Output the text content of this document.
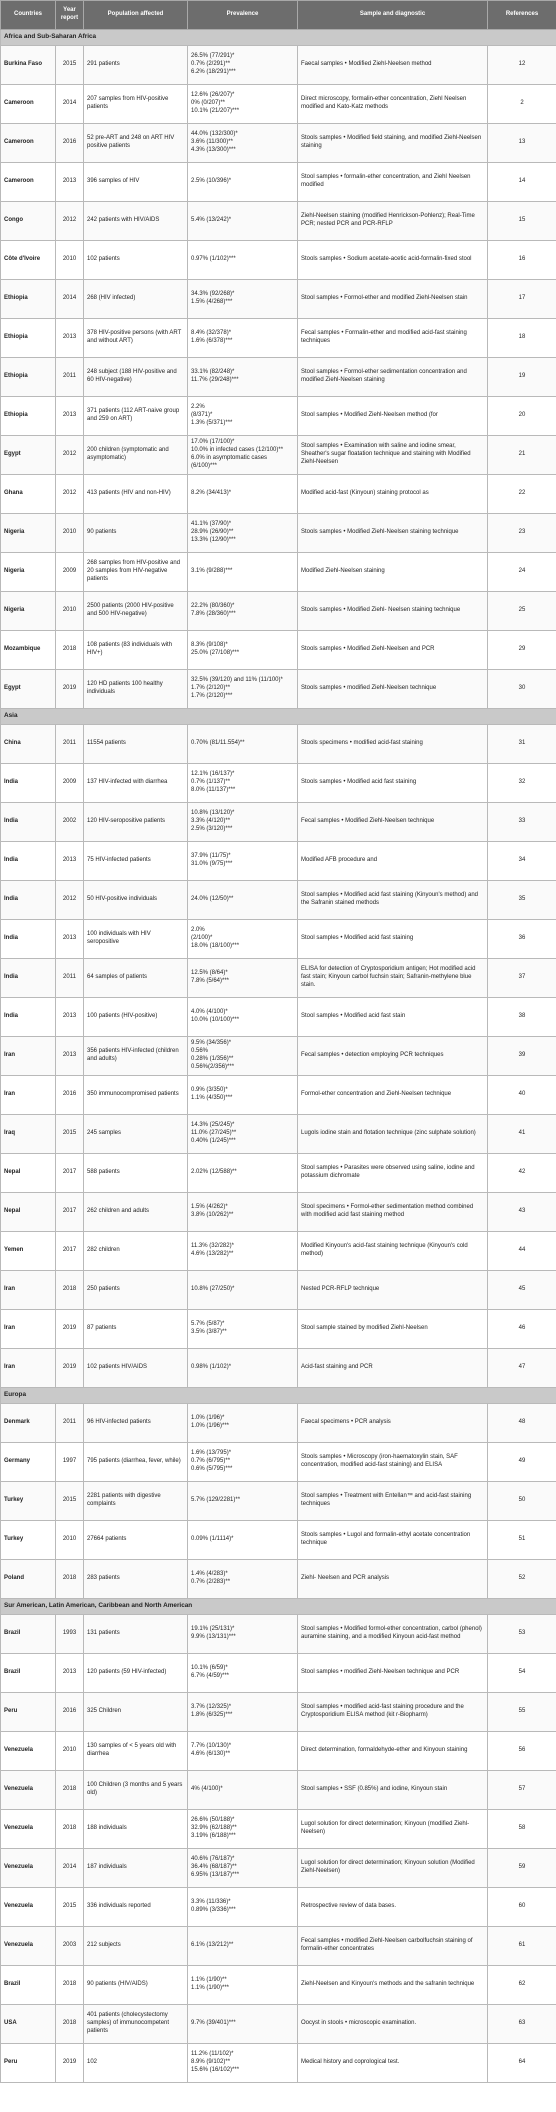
Countries	Year report	Population affected	Prevalence	Sample and diagnostic	References
Africa and Sub-Saharan Africa					
Burkina Faso	2015	291 patients	26.5% (77/291)*
0.7% (2/291)**
6.2% (18/291)***	Faecal samples • Modified Ziehl-Neelsen method	12
Cameroon	2014	207 samples from HIV-positive patients	12.6% (26/207)*
0% (0/207)**
10.1% (21/207)***	Direct microscopy, formalin-ether concentration, Ziehl Neelsen modified and Kato-Katz methods	2
Cameroon	2016	52 pre-ART and 248 on ART HIV positive patients	44.0% (132/300)*
3.6% (11/300)**
4.3% (13/300)***	Stools samples • Modified field staining, and modified Ziehl-Neelsen staining	13
Cameroon	2013	396 samples of HIV	2.5% (10/396)*	Stool samples • formalin-ether concentration, and Ziehl Neelsen modified	14
Congo	2012	242 patients with HIV/AIDS	5.4% (13/242)*	Ziehl-Neelsen staining (modified Henrickson-Pohlenz); Real-Time PCR; nested PCR and PCR-RFLP	15
Côte d'Ivoire	2010	102 patients	0.97% (1/102)***	Stools samples • Sodium acetate-acetic acid-formalin-fixed stool	16
Ethiopia	2014	268 (HIV infected)	34.3% (92/268)*
1.5% (4/268)***	Stool samples • Formol-ether and modified Ziehl-Neelsen stain	17
Ethiopia	2013	378 HIV-positive persons (with ART and without ART)	8.4% (32/378)*
1.6% (6/378)***	Fecal samples • Formalin-ether and modified acid-fast staining techniques	18
Ethiopia	2011	248 subject (188 HIV-positive and 60 HIV-negative)	33.1% (82/248)*
11.7% (29/248)***	Stool samples • Formol-ether sedimentation concentration and modified Ziehl-Neelsen staining	19
Ethiopia	2013	371 patients (112 ART-naive group and 259 on ART)	2.2%
(8/371)*
1.3% (5/371)***	Stool samples • Modified Ziehl-Neelsen method (for	20
Egypt	2012	200 children (symptomatic and asymptomatic)	17.0% (17/100)*
10.0% in infected cases (12/100)**
6.0% in asymptomatic cases (6/100)***	Stool samples • Examination with saline and iodine smear, Sheather's sugar floatation technique and staining with Modified Ziehl-Neelsen	21
Ghana	2012	413 patients (HIV and non-HIV)	8.2% (34/413)*	Modified acid-fast (Kinyoun) staining protocol as	22
Nigeria	2010	90 patients	41.1% (37/90)*
28.9% (26/90)**
13.3% (12/90)***	Stools samples • Modified Ziehl-Neelsen staining technique	23
Nigeria	2009	268 samples from HIV-positive and 20 samples from HIV-negative patients	3.1% (9/288)***	Modified Ziehl-Neelsen staining	24
Nigeria	2010	2500 patients (2000 HIV-positive and 500 HIV-negative)	22.2% (80/360)*
7.8% (28/360)***	Stools samples • Modified Ziehl- Neelsen staining technique	25
Mozambique	2018	108 patients (83 individuals with HIV+)	8.3% (9/108)*
25.0% (27/108)***	Stools samples • Modified Ziehl-Neelsen and PCR	29
Egypt	2019	120 HD patients 100 healthy individuals	32.5% (39/120) and 11% (11/100)*
1.7% (2/120)**
1.7% (2/120)***	Stools samples • modified Ziehl-Neelsen technique	30
Asia					
China	2011	11554 patients	0.70% (81/11.554)**	Stools specimens • modified acid-fast staining	31
India	2009	137 HIV-infected with diarrhea	12.1% (16/137)*
0.7% (1/137)**
8.0% (11/137)***	Stools samples • Modified acid fast staining	32
India	2002	120 HIV-seropositive patients	10.8% (13/120)*
3.3% (4/120)**
2.5% (3/120)***	Fecal samples • Modified Ziehl-Neelsen technique	33
India	2013	75 HIV-infected patients	37.9% (11/75)*
31.0% (9/75)***	Modified AFB procedure and	34
India	2012	50 HIV-positive individuals	24.0% (12/50)**	Stool samples • Modified acid fast staining (Kinyoun's method) and the Safranin stained methods	35
India	2013	100 individuals with HIV seropositive	2.0%
(2/100)*
18.0% (18/100)***	Stool samples • Modified acid fast staining	36
India	2011	64 samples of patients	12.5% (8/64)*
7.8% (5/64)***	ELISA for detection of Cryptosporidium antigen; Hot modified acid fast stain; Kinyoun carbol fuchsin stain; Safranin-methylene blue stain.	37
India	2013	100 patients (HIV-positive)	4.0% (4/100)*
10.0% (10/100)***	Stool samples • Modified acid fast stain	38
Iran	2013	356 patients HIV-infected (children and adults)	9.5% (34/356)*
0.56%
0.28% (1/356)**
0.56%(2/356)***	Fecal samples • detection employing PCR techniques	39
Iran	2016	350 immunocompromised patients	0.9% (3/350)*
1.1% (4/350)***	Formol-ether concentration and Ziehl-Neelsen technique	40
Iraq	2015	245 samples	14.3% (25/245)*
11.0% (27/245)**
0.40% (1/245)***	Lugols iodine stain and flotation technique (zinc sulphate solution)	41
Nepal	2017	588 patients	2.02% (12/588)**	Stool samples • Parasites were observed using saline, iodine and potassium dichromate	42
Nepal	2017	262 children and adults	1.5% (4/262)*
3.8% (10/262)**	Stool specimens • Formol-ether sedimentation method combined with modified acid fast staining method	43
Yemen	2017	282 children	11.3% (32/282)*
4.6% (13/282)**	Modified Kinyoun's acid-fast staining technique (Kinyoun's cold method)	44
Iran	2018	250 patients	10.8% (27/250)*	Nested PCR-RFLP technique	45
Iran	2019	87 patients	5.7% (5/87)*
3.5% (3/87)**	Stool sample stained by modified Ziehl-Neelsen	46
Iran	2019	102 patients HIV/AIDS	0.98% (1/102)*	Acid-fast staining and PCR	47
Europa					
Denmark	2011	96 HIV-infected patients	1.0% (1/96)*
1.0% (1/96)***	Faecal specimens • PCR analysis	48
Germany	1997	795 patients (diarrhea, fever, while)	1.6% (13/795)*
0.7% (6/795)**
0.6% (5/795)***	Stools samples • Microscopy (iron-haematoxylin stain, SAF concentration, modified acid-fast staining) and ELISA	49
Turkey	2015	2281 patients with digestive complaints	5.7% (129/2281)**	Stool samples • Treatment with Entellan™ and acid-fast staining techniques	50
Turkey	2010	27664 patients	0.09% (1/1114)*	Stools samples • Lugol and formalin-ethyl acetate concentration technique	51
Poland	2018	283 patients	1.4% (4/283)*
0.7% (2/283)**	Ziehl- Neelsen and PCR analysis	52
Sur American, Latin American, Caribbean and North American					
Brazil	1993	131 patients	19.1% (25/131)*
9.9% (13/131)***	Stool samples • Modified formol-ether concentration, carbol (phenol) auramine staining, and a modified Kinyoun acid-fast method	53
Brazil	2013	120 patients (59 HIV-infected)	10.1% (6/59)*
6.7% (4/59)***	Stool samples • modified Ziehl-Neelsen technique and PCR	54
Peru	2016	325 Children	3.7% (12/325)*
1.8% (6/325)***	Stool samples • modified acid-fast staining procedure and the Cryptosporidium ELISA method (kit r-Biopharm)	55
Venezuela	2010	130 samples of < 5 years old with diarrhea	7.7% (10/130)*
4.6% (6/130)**	Direct determination, formaldehyde-ether and Kinyoun staining	56
Venezuela	2018	100 Children (3 months and 5 years old)	4% (4/100)*	Stool samples • SSF (0.85%) and iodine, Kinyoun stain	57
Venezuela	2018	188 individuals	26.6% (50/188)*
32.9% (62/188)**
3.19% (6/188)***	Lugol solution for direct determination; Kinyoun (modified Ziehl-Neelsen)	58
Venezuela	2014	187 individuals	40.6% (76/187)*
36.4% (68/187)**
6.95% (13/187)***	Lugol solution for direct determination; Kinyoun solution (Modified Ziehl-Neelsen)	59
Venezuela	2015	336 individuals reported	3.3% (11/336)*
0.89% (3/336)***	Retrospective review of data bases.	60
Venezuela	2003	212 subjects	6.1% (13/212)**	Fecal samples • modified Ziehl-Neelsen carbolfuchsin staining of formalin-ether concentrates	61
Brazil	2018	90 patients (HIV/AIDS)	1.1% (1/90)**
1.1% (1/90)***	Ziehl-Neelsen and Kinyoun's methods and the safranin technique	62
USA	2018	401 patients (cholecystectomy samples) of immunocompetent patients	9.7% (39/401)***	Oocyst in stools • microscopic examination.	63
Peru	2019	102	11.2% (11/102)*
8.9% (9/102)**
15.6% (16/102)***	Medical history and coprological test.	64
